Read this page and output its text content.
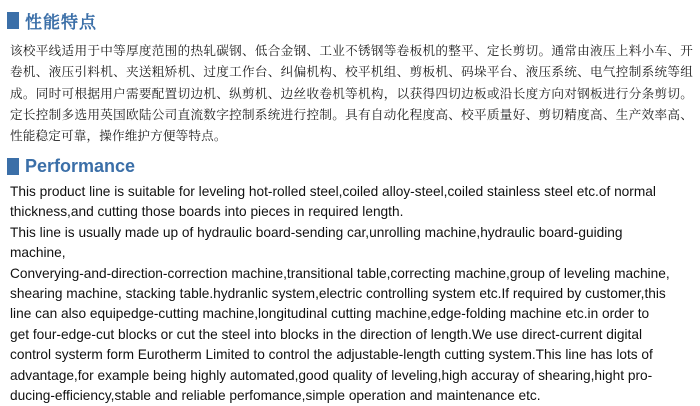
性能特点
该校平线适用于中等厚度范围的热轧碳钢、低合金钢、工业不锈钢等卷板机的整平、定长剪切。通常由液压上料小车、开卷机、液压引料机、夹送粗矫机、过度工作台、纠偏机构、校平机组、剪板机、码垛平台、液压系统、电气控制系统等组成。同时可根据用户需要配置切边机、纵剪机、边丝收卷机等机构，以获得四切边板或沿长度方向对钢板进行分条剪切。定长控制多选用英国欧陆公司直流数字控制系统进行控制。具有自动化程度高、校平质量好、剪切精度高、生产效率高、性能稳定可靠，操作维护方便等特点。
Performance
This product line is suitable for leveling hot-rolled steel,coiled alloy-steel,coiled stainless steel etc.of normal
thickness,and cutting those boards into pieces in required length.
This line is usually made up of hydraulic board-sending car,unrolling machine,hydraulic board-guiding
machine,
Converying-and-direction-correction machine,transitional table,correcting machine,group of leveling machine,
shearing machine, stacking table.hydranlic system,electric controlling system etc.If required by customer,this
line can also equipedge-cutting machine,longitudinal cutting machine,edge-folding machine etc.in order to
get four-edge-cut blocks or cut the steel into blocks in the direction of length.We use direct-current digital
control systerm form Eurotherm Limited to control the adjustable-length cutting system.This line has lots of
advantage,for example being highly automated,good quality of leveling,high accuray of shearing,hight pro-
ducing-efficiency,stable and reliable perfomance,simple operation and maintenance etc.
